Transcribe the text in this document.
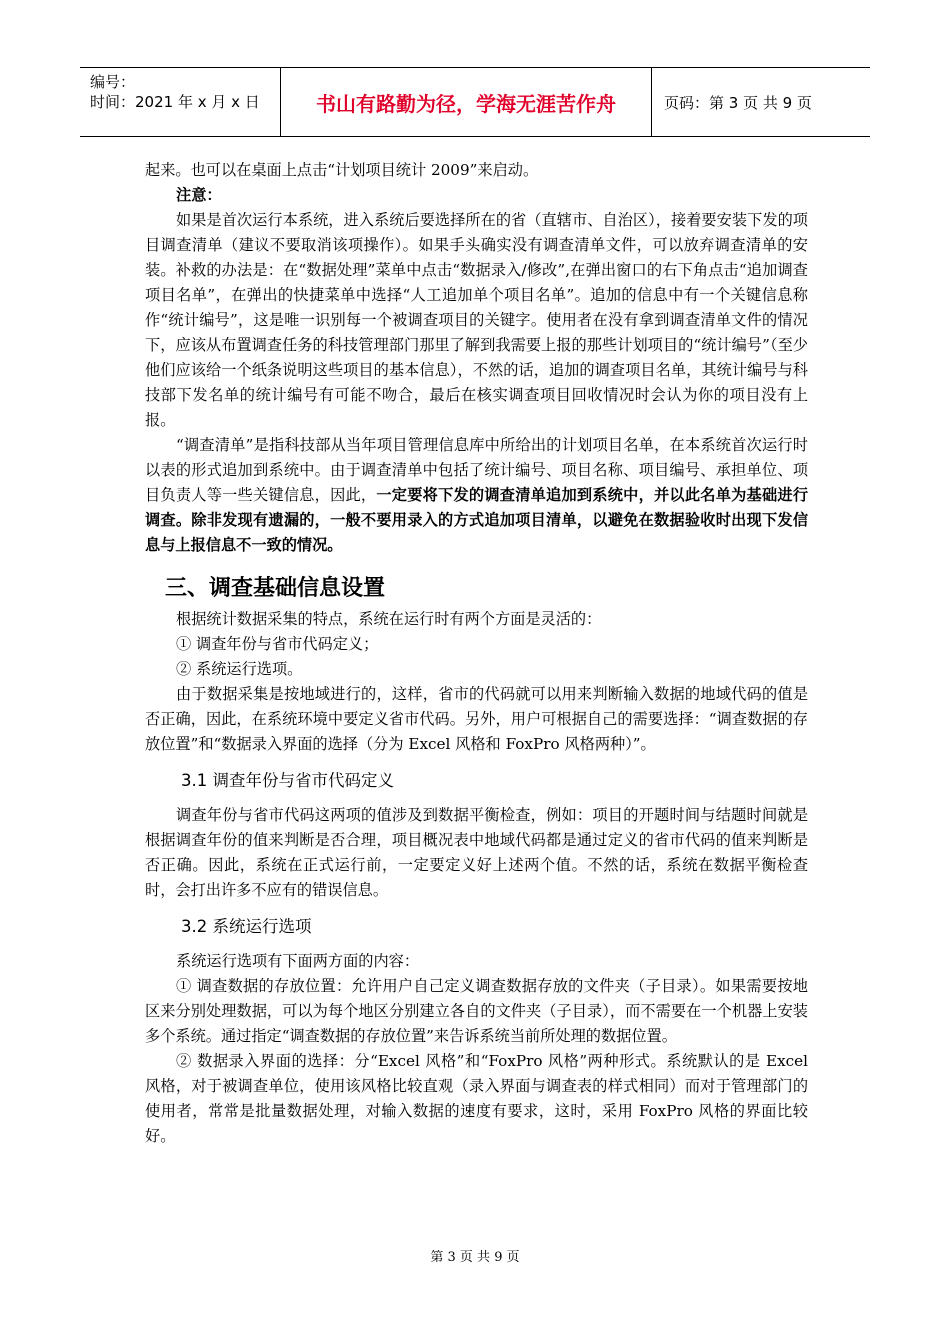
编号：
时间：2021 年 x 月 x 日	书山有路勤为径，学海无涯苦作舟	页码：第 3 页 共 9 页

起来。也可以在桌面上点击“计划项目统计 2009”来启动。

注意：

如果是首次运行本系统，进入系统后要选择所在的省（直辖市、自治区），接着要安装下发的项目调查清单（建议不要取消该项操作）。如果手头确实没有调查清单文件，可以放弃调查清单的安装。补救的办法是：在“数据处理”菜单中点击“数据录入/修改”,在弹出窗口的右下角点击“追加调查项目名单”，在弹出的快捷菜单中选择“人工追加单个项目名单”。追加的信息中有一个关键信息称作“统计编号”，这是唯一识别每一个被调查项目的关键字。使用者在没有拿到调查清单文件的情况下，应该从布置调查任务的科技管理部门那里了解到我需要上报的那些计划项目的“统计编号”（至少他们应该给一个纸条说明这些项目的基本信息），不然的话，追加的调查项目名单，其统计编号与科技部下发名单的统计编号有可能不吻合，最后在核实调查项目回收情况时会认为你的项目没有上报。

“调查清单”是指科技部从当年项目管理信息库中所给出的计划项目名单，在本系统首次运行时以表的形式追加到系统中。由于调查清单中包括了统计编号、项目名称、项目编号、承担单位、项目负责人等一些关键信息，因此，一定要将下发的调查清单追加到系统中，并以此名单为基础进行调查。除非发现有遗漏的，一般不要用录入的方式追加项目清单，以避免在数据验收时出现下发信息与上报信息不一致的情况。

三、调查基础信息设置

根据统计数据采集的特点，系统在运行时有两个方面是灵活的：

① 调查年份与省市代码定义；

② 系统运行选项。

由于数据采集是按地域进行的，这样，省市的代码就可以用来判断输入数据的地域代码的值是否正确，因此，在系统环境中要定义省市代码。另外，用户可根据自己的需要选择：“调查数据的存放位置”和“数据录入界面的选择（分为 Excel 风格和 FoxPro 风格两种）”。

3.1 调查年份与省市代码定义

调查年份与省市代码这两项的值涉及到数据平衡检查，例如：项目的开题时间与结题时间就是根据调查年份的值来判断是否合理，项目概况表中地域代码都是通过定义的省市代码的值来判断是否正确。因此，系统在正式运行前，一定要定义好上述两个值。不然的话，系统在数据平衡检查时，会打出许多不应有的错误信息。

3.2 系统运行选项

系统运行选项有下面两方面的内容：

① 调查数据的存放位置：允许用户自己定义调查数据存放的文件夹（子目录）。如果需要按地区来分别处理数据，可以为每个地区分别建立各自的文件夹（子目录），而不需要在一个机器上安装多个系统。通过指定“调查数据的存放位置”来告诉系统当前所处理的数据位置。

② 数据录入界面的选择：分“Excel 风格”和“FoxPro 风格”两种形式。系统默认的是 Excel 风格，对于被调查单位，使用该风格比较直观（录入界面与调查表的样式相同）而对于管理部门的使用者，常常是批量数据处理，对输入数据的速度有要求，这时，采用 FoxPro 风格的界面比较好。

第 3 页 共 9 页
